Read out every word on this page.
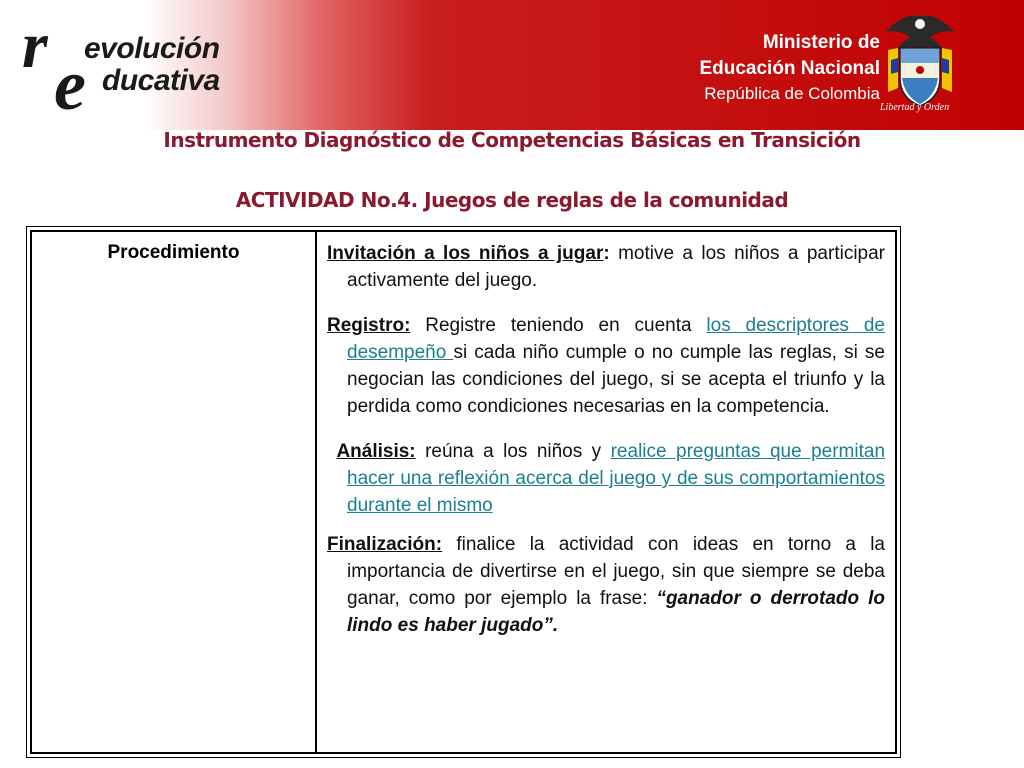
r e
evolución
ducativa
Ministerio de
Educación Nacional
República de Colombia
Libertad y Orden
Instrumento Diagnóstico de Competencias Básicas en Transición
ACTIVIDAD No.4. Juegos de reglas de la comunidad
Procedimiento	Invitación a los niños a jugar: motive a los niños a participar activamente del juego.

Registro: Registre teniendo en cuenta los descriptores de desempeño si cada niño cumple o no cumple las reglas, si se negocian las condiciones del juego, si se acepta el triunfo y la perdida como condiciones necesarias en la competencia.

Análisis: reúna a los niños y realice preguntas que permitan hacer una reflexión acerca del juego y de sus comportamientos durante el mismo

Finalización: finalice la actividad con ideas en torno a la importancia de divertirse en el juego, sin que siempre se deba ganar, como por ejemplo la frase: “ganador o derrotado lo lindo es haber jugado”.
